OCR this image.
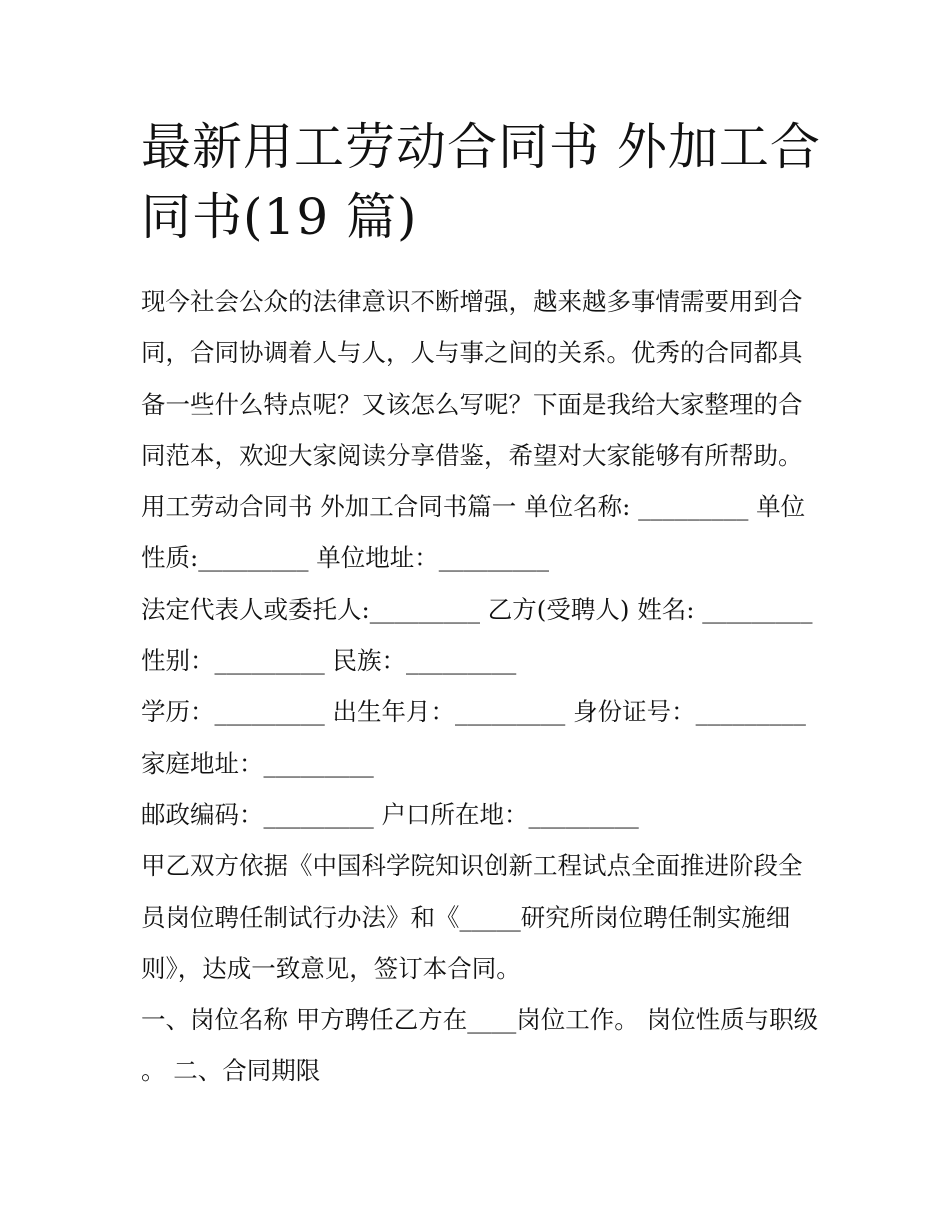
最新用工劳动合同书 外加工合同书(19 篇)

现今社会公众的法律意识不断增强，越来越多事情需要用到合同，合同协调着人与人，人与事之间的关系。优秀的合同都具备一些什么特点呢？又该怎么写呢？下面是我给大家整理的合同范本，欢迎大家阅读分享借鉴，希望对大家能够有所帮助。

用工劳动合同书 外加工合同书篇一 单位名称: _________ 单位性质:_________ 单位地址：_________

法定代表人或委托人:_________ 乙方(受聘人) 姓名: _________ 性别：_________ 民族：_________

学历：_________ 出生年月：_________ 身份证号：_________ 家庭地址：_________

邮政编码：_________ 户口所在地：_________

甲乙双方依据《中国科学院知识创新工程试点全面推进阶段全员岗位聘任制试行办法》和《_____研究所岗位聘任制实施细则》，达成一致意见，签订本合同。

一、岗位名称 甲方聘任乙方在____岗位工作。 岗位性质与职级 。 二、合同期限
